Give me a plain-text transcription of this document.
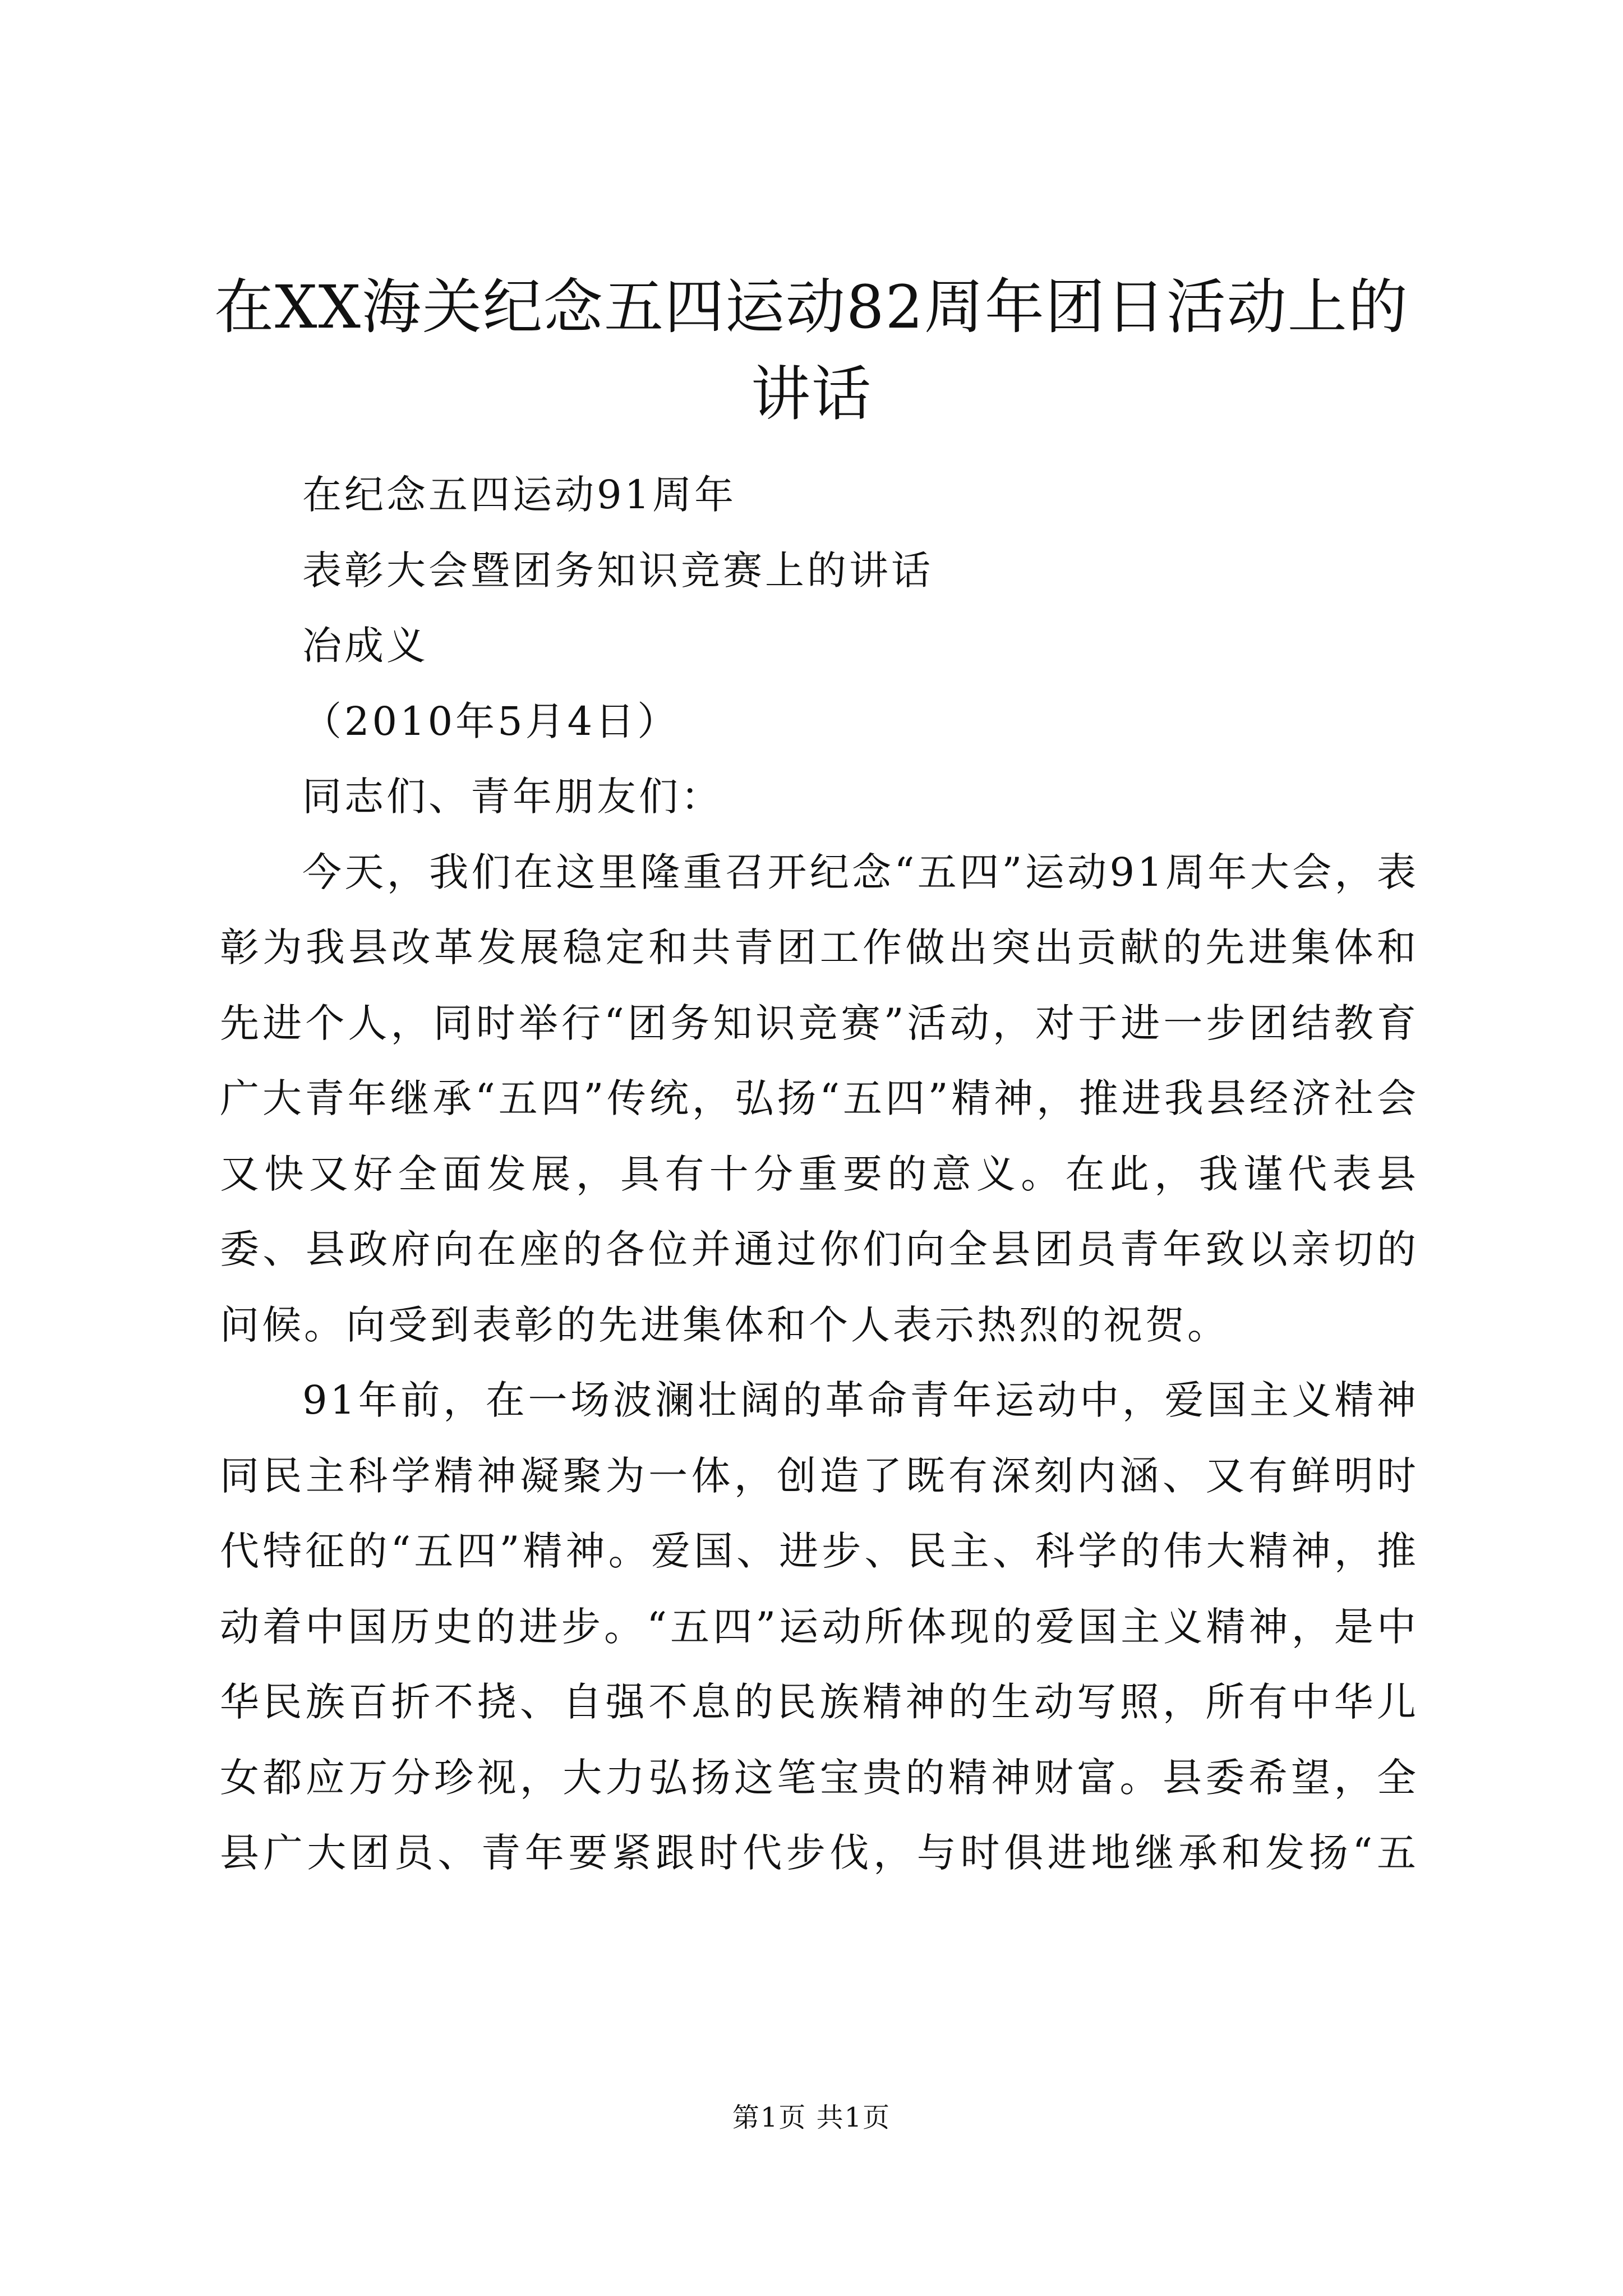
在XX海关纪念五四运动82周年团日活动上的
讲话

在纪念五四运动91周年

表彰大会暨团务知识竞赛上的讲话

冶成义

（2010年5月4日）

同志们、青年朋友们：

今天，我们在这里隆重召开纪念“五四”运动91周年大会，表彰为我县改革发展稳定和共青团工作做出突出贡献的先进集体和先进个人，同时举行“团务知识竞赛”活动，对于进一步团结教育广大青年继承“五四”传统，弘扬“五四”精神，推进我县经济社会又快又好全面发展，具有十分重要的意义。在此，我谨代表县委、县政府向在座的各位并通过你们向全县团员青年致以亲切的问候。向受到表彰的先进集体和个人表示热烈的祝贺。

91年前，在一场波澜壮阔的革命青年运动中，爱国主义精神同民主科学精神凝聚为一体，创造了既有深刻内涵、又有鲜明时代特征的“五四”精神。爱国、进步、民主、科学的伟大精神，推动着中国历史的进步。“五四”运动所体现的爱国主义精神，是中华民族百折不挠、自强不息的民族精神的生动写照，所有中华儿女都应万分珍视，大力弘扬这笔宝贵的精神财富。县委希望，全县广大团员、青年要紧跟时代步伐，与时俱进地继承和发扬“五

第1页 共1页
